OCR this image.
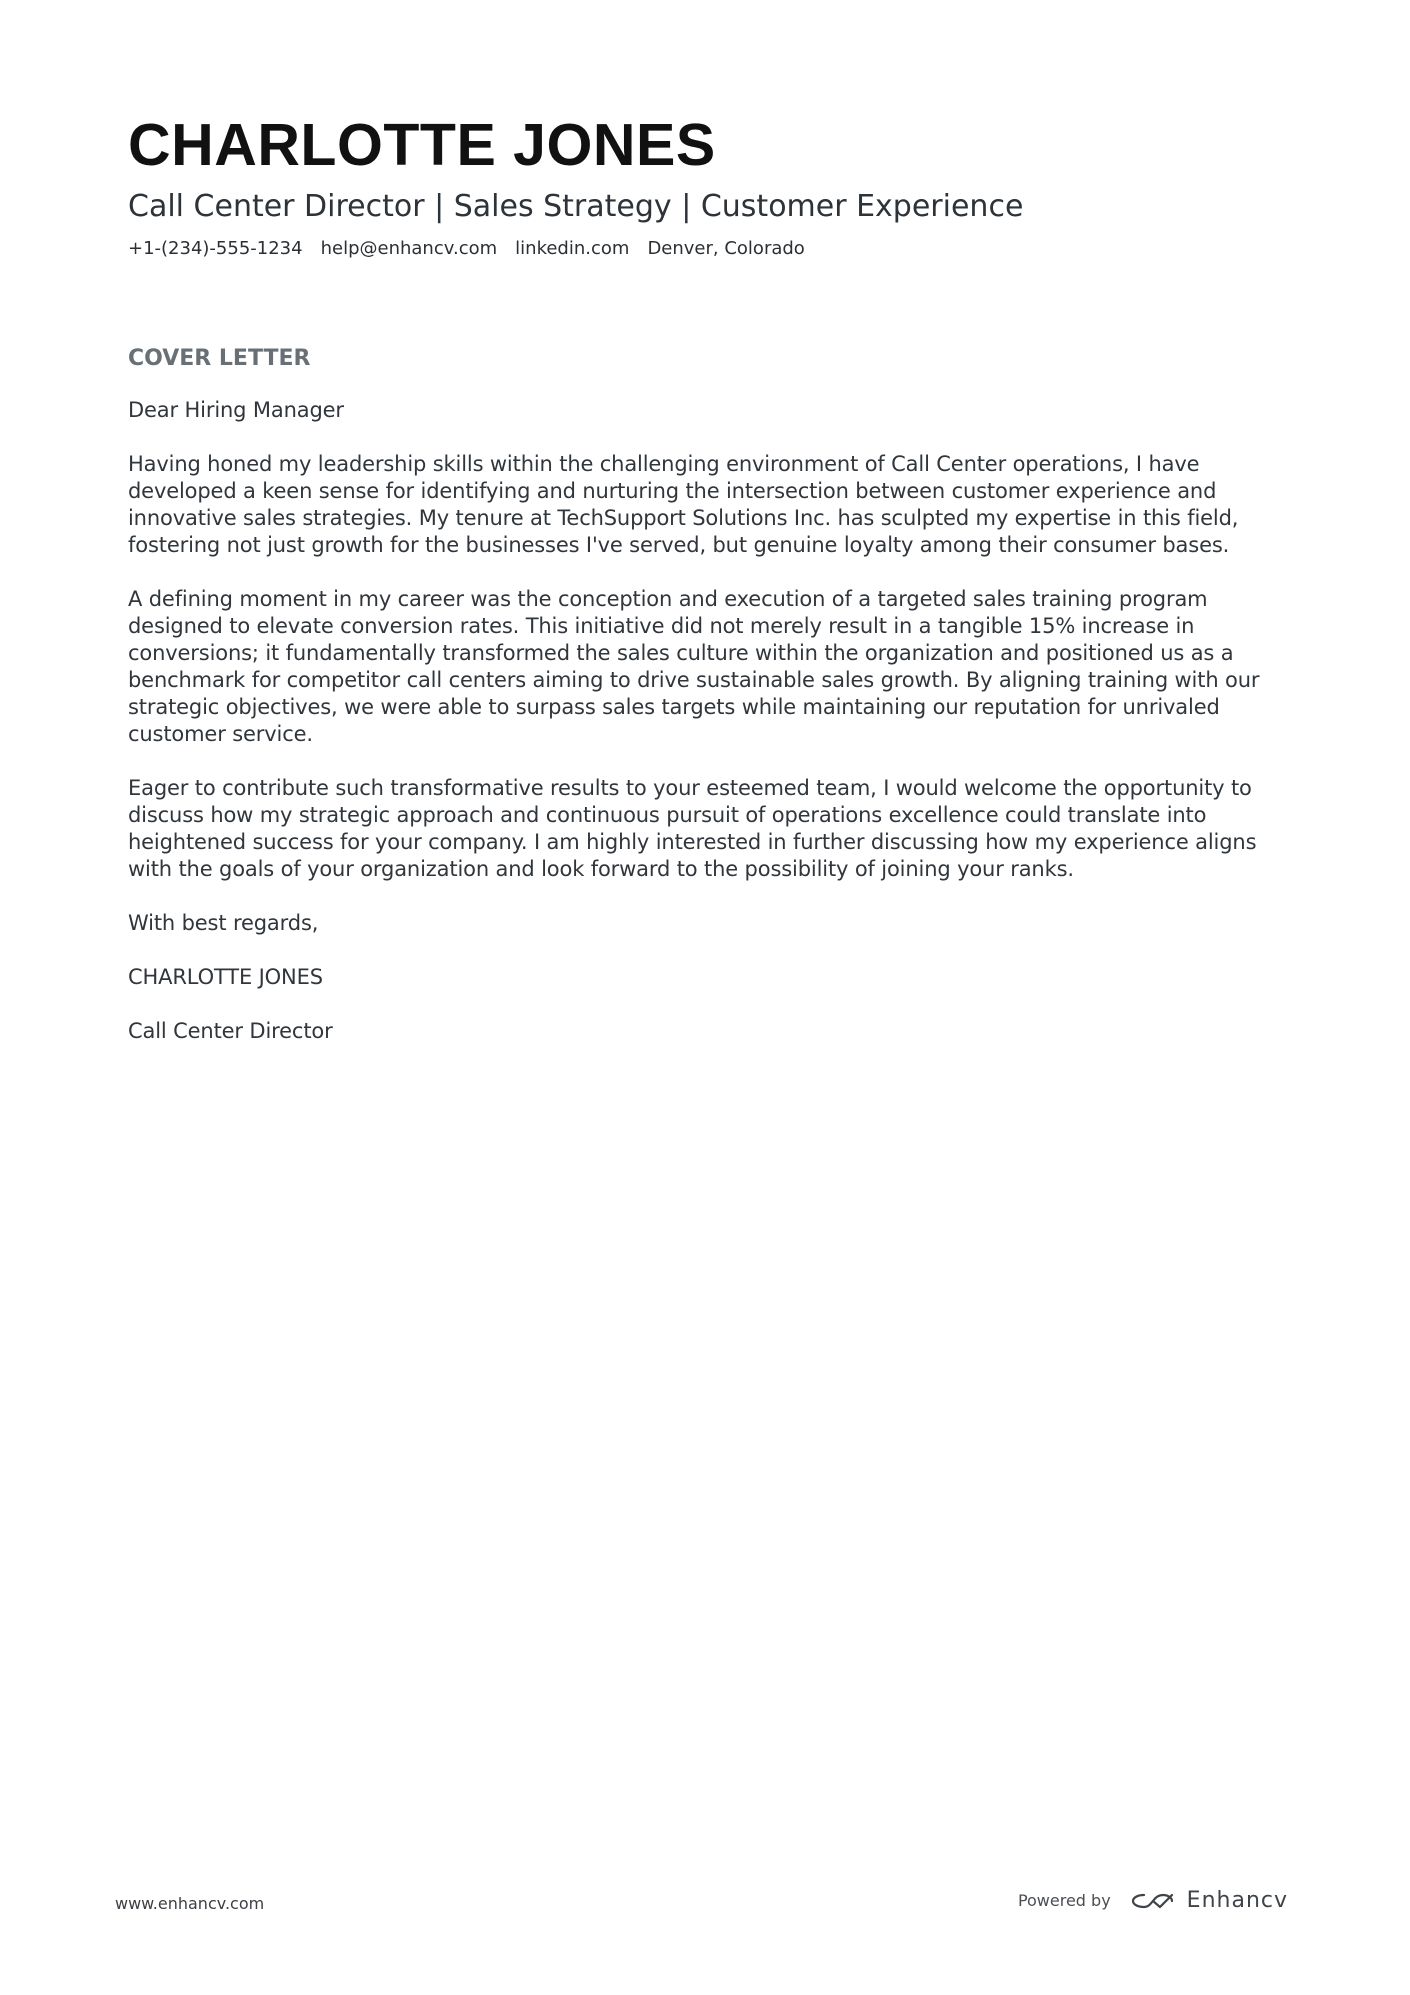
CHARLOTTE JONES
Call Center Director | Sales Strategy | Customer Experience
+1-(234)-555-1234 help@enhancv.com linkedin.com Denver, Colorado
COVER LETTER

Dear Hiring Manager

Having honed my leadership skills within the challenging environment of Call Center operations, I have developed a keen sense for identifying and nurturing the intersection between customer experience and innovative sales strategies. My tenure at TechSupport Solutions Inc. has sculpted my expertise in this field, fostering not just growth for the businesses I've served, but genuine loyalty among their consumer bases.

A defining moment in my career was the conception and execution of a targeted sales training program designed to elevate conversion rates. This initiative did not merely result in a tangible 15% increase in conversions; it fundamentally transformed the sales culture within the organization and positioned us as a benchmark for competitor call centers aiming to drive sustainable sales growth. By aligning training with our strategic objectives, we were able to surpass sales targets while maintaining our reputation for unrivaled customer service.

Eager to contribute such transformative results to your esteemed team, I would welcome the opportunity to discuss how my strategic approach and continuous pursuit of operations excellence could translate into heightened success for your company. I am highly interested in further discussing how my experience aligns with the goals of your organization and look forward to the possibility of joining your ranks.

With best regards,

CHARLOTTE JONES

Call Center Director

www.enhancv.com	Powered by	Enhancv
